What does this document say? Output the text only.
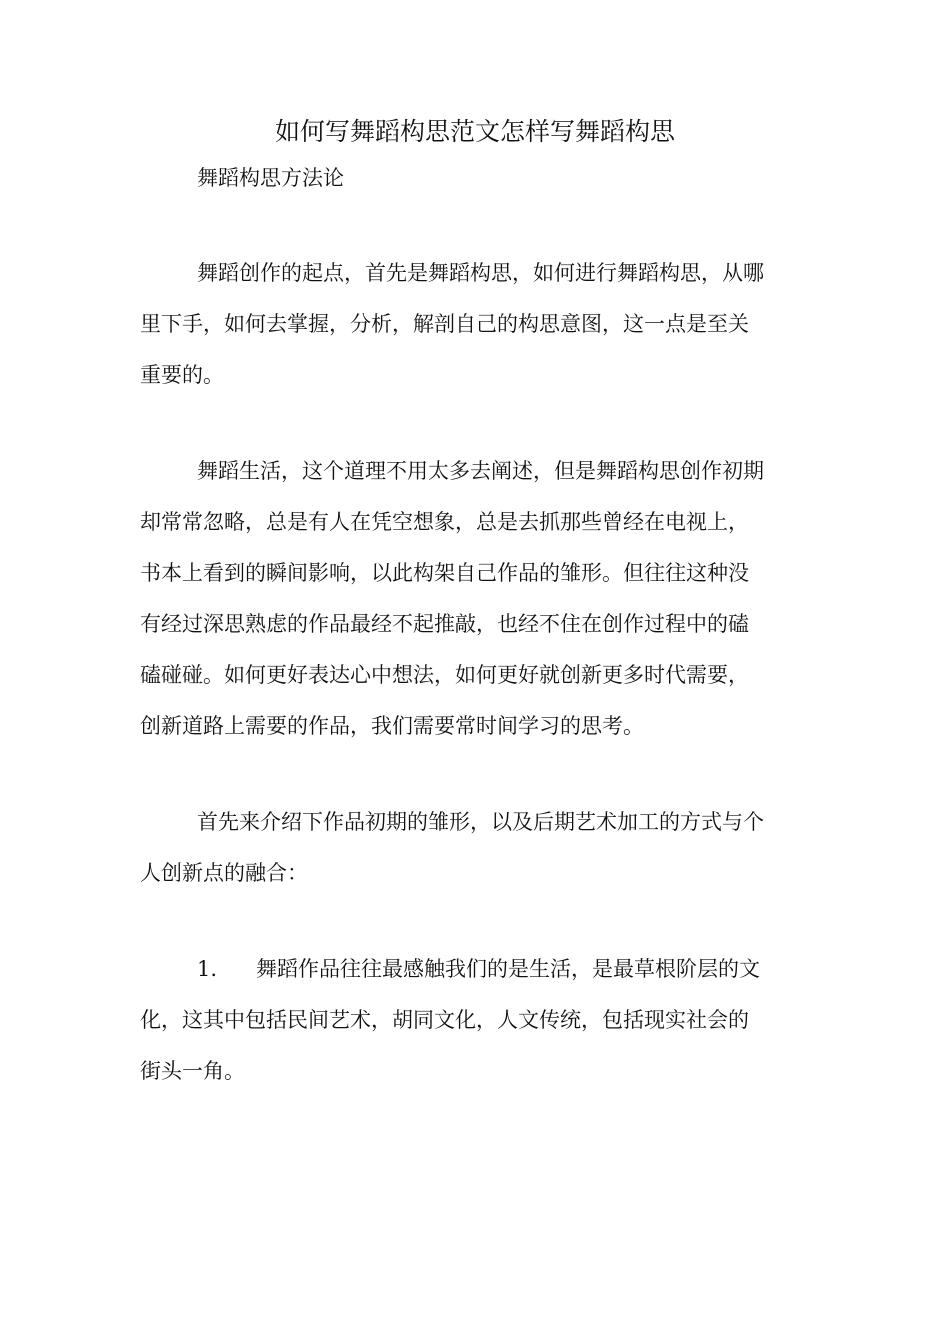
如何写舞蹈构思范文怎样写舞蹈构思
舞蹈构思方法论
舞蹈创作的起点，首先是舞蹈构思，如何进行舞蹈构思，从哪
里下手，如何去掌握，分析，解剖自己的构思意图，这一点是至关
重要的。
舞蹈生活，这个道理不用太多去阐述，但是舞蹈构思创作初期
却常常忽略，总是有人在凭空想象，总是去抓那些曾经在电视上，
书本上看到的瞬间影响，以此构架自己作品的雏形。但往往这种没
有经过深思熟虑的作品最经不起推敲，也经不住在创作过程中的磕
磕碰碰。如何更好表达心中想法，如何更好就创新更多时代需要，
创新道路上需要的作品，我们需要常时间学习的思考。
首先来介绍下作品初期的雏形，以及后期艺术加工的方式与个
人创新点的融合：
1. 舞蹈作品往往最感触我们的是生活，是最草根阶层的文
化，这其中包括民间艺术，胡同文化，人文传统，包括现实社会的
街头一角。
